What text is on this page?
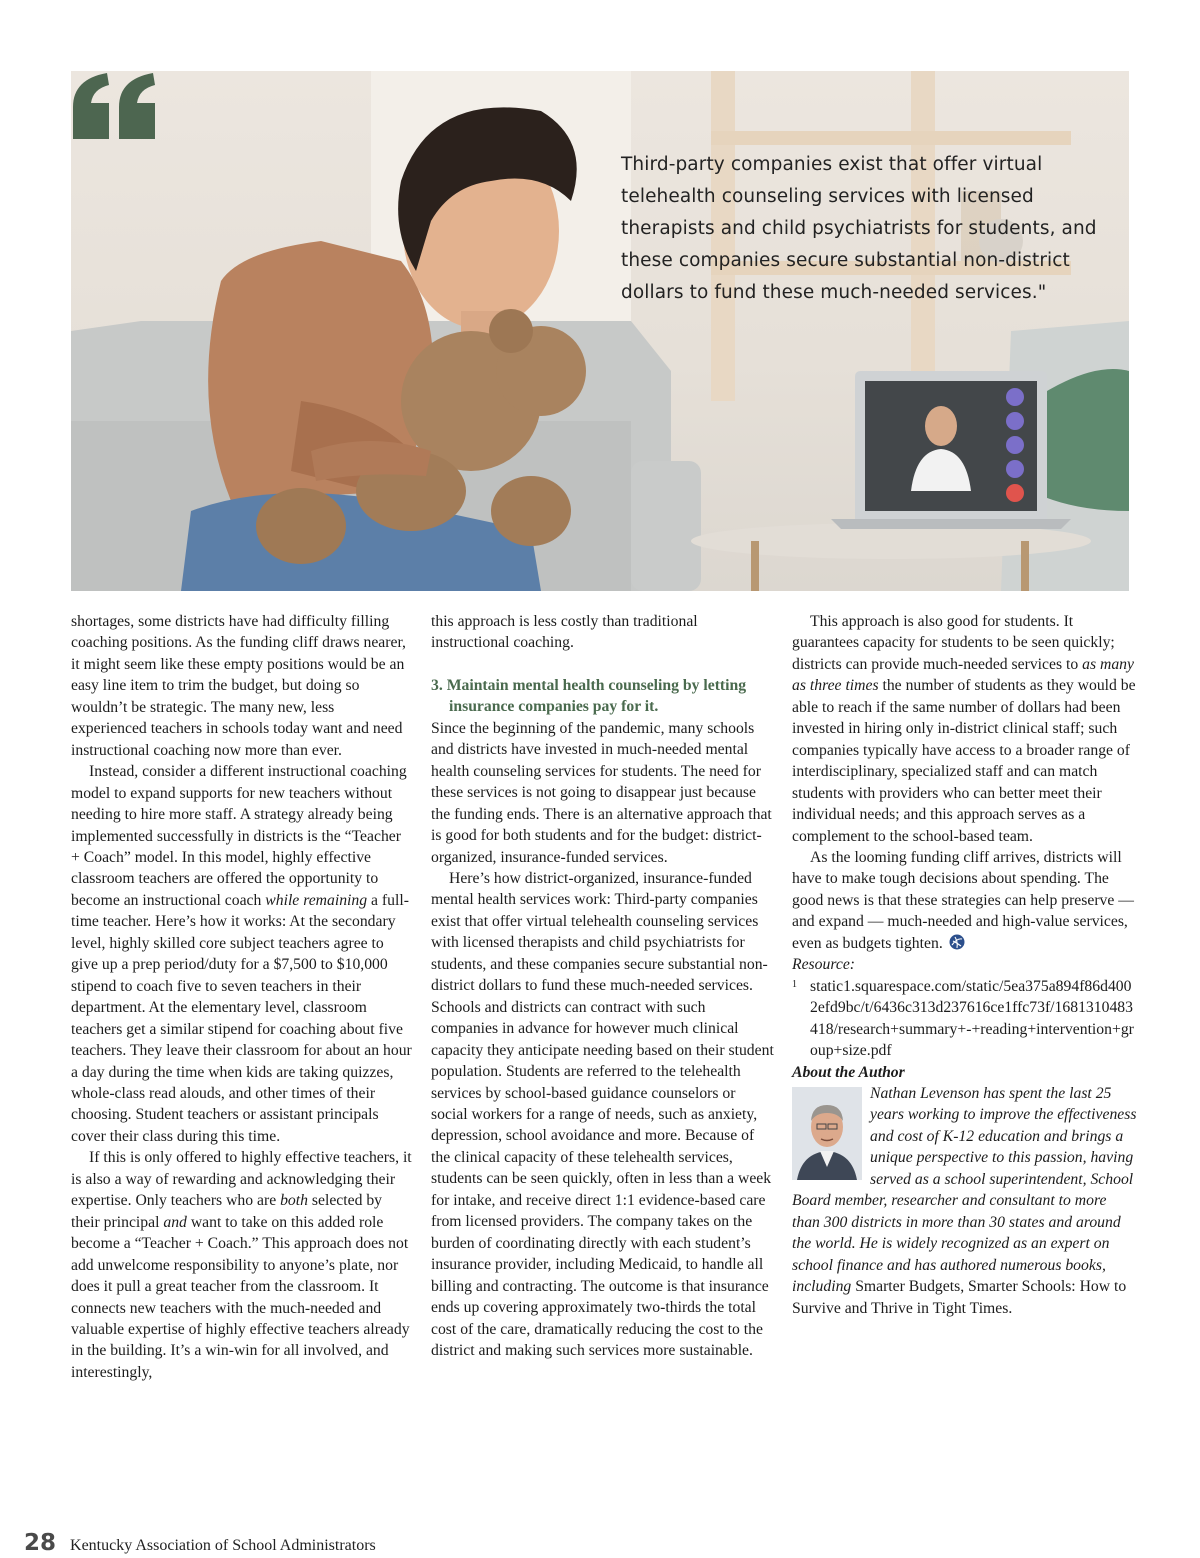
Third-party companies exist that offer virtual telehealth counseling services with licensed therapists and child psychiatrists for students, and these companies secure substantial non-district dollars to fund these much-needed services."

shortages, some districts have had difficulty filling coaching positions. As the funding cliff draws nearer, it might seem like these empty positions would be an easy line item to trim the budget, but doing so wouldn’t be strategic. The many new, less experienced teachers in schools today want and need instructional coaching now more than ever.

Instead, consider a different instructional coaching model to expand supports for new teachers without needing to hire more staff. A strategy already being implemented successfully in districts is the “Teacher + Coach” model. In this model, highly effective classroom teachers are offered the opportunity to become an instructional coach while remaining a full-time teacher. Here’s how it works: At the secondary level, highly skilled core subject teachers agree to give up a prep period/duty for a $7,500 to $10,000 stipend to coach five to seven teachers in their department. At the elementary level, classroom teachers get a similar stipend for coaching about five teachers. They leave their classroom for about an hour a day during the time when kids are taking quizzes, whole-class read alouds, and other times of their choosing. Student teachers or assistant principals cover their class during this time.

If this is only offered to highly effective teachers, it is also a way of rewarding and acknowledging their expertise. Only teachers who are both selected by their principal and want to take on this added role become a “Teacher + Coach.” This approach does not add unwelcome responsibility to anyone’s plate, nor does it pull a great teacher from the classroom. It connects new teachers with the much-needed and valuable expertise of highly effective teachers already in the building. It’s a win-win for all involved, and interestingly,

this approach is less costly than traditional instructional coaching.

3. Maintain mental health counseling by letting insurance companies pay for it.

Since the beginning of the pandemic, many schools and districts have invested in much-needed mental health counseling services for students. The need for these services is not going to disappear just because the funding ends. There is an alternative approach that is good for both students and for the budget: district-organized, insurance-funded services.

Here’s how district-organized, insurance-funded mental health services work: Third-party companies exist that offer virtual telehealth counseling services with licensed therapists and child psychiatrists for students, and these companies secure substantial non-district dollars to fund these much-needed services. Schools and districts can contract with such companies in advance for however much clinical capacity they anticipate needing based on their student population. Students are referred to the telehealth services by school-based guidance counselors or social workers for a range of needs, such as anxiety, depression, school avoidance and more. Because of the clinical capacity of these telehealth services, students can be seen quickly, often in less than a week for intake, and receive direct 1:1 evidence-based care from licensed providers. The company takes on the burden of coordinating directly with each student’s insurance provider, including Medicaid, to handle all billing and contracting. The outcome is that insurance ends up covering approximately two-thirds the total cost of the care, dramatically reducing the cost to the district and making such services more sustainable.

This approach is also good for students. It guarantees capacity for students to be seen quickly; districts can provide much-needed services to as many as three times the number of students as they would be able to reach if the same number of dollars had been invested in hiring only in-district clinical staff; such companies typically have access to a broader range of interdisciplinary, specialized staff and can match students with providers who can better meet their individual needs; and this approach serves as a complement to the school-based team.

As the looming funding cliff arrives, districts will have to make tough decisions about spending. The good news is that these strategies can help preserve — and expand — much-needed and high-value services, even as budgets tighten.

Resource:

1 static1.squarespace.com/static/5ea375a894f86d4002efd9bc/t/6436c313d237616ce1ffc73f/1681310483418/research+summary+-+reading+intervention+group+size.pdf

About the Author

Nathan Levenson has spent the last 25 years working to improve the effectiveness and cost of K-12 education and brings a unique perspective to this passion, having served as a school superintendent, School Board member, researcher and consultant to more than 300 districts in more than 30 states and around the world. He is widely recognized as an expert on school finance and has authored numerous books, including Smarter Budgets, Smarter Schools: How to Survive and Thrive in Tight Times.

28 Kentucky Association of School Administrators
